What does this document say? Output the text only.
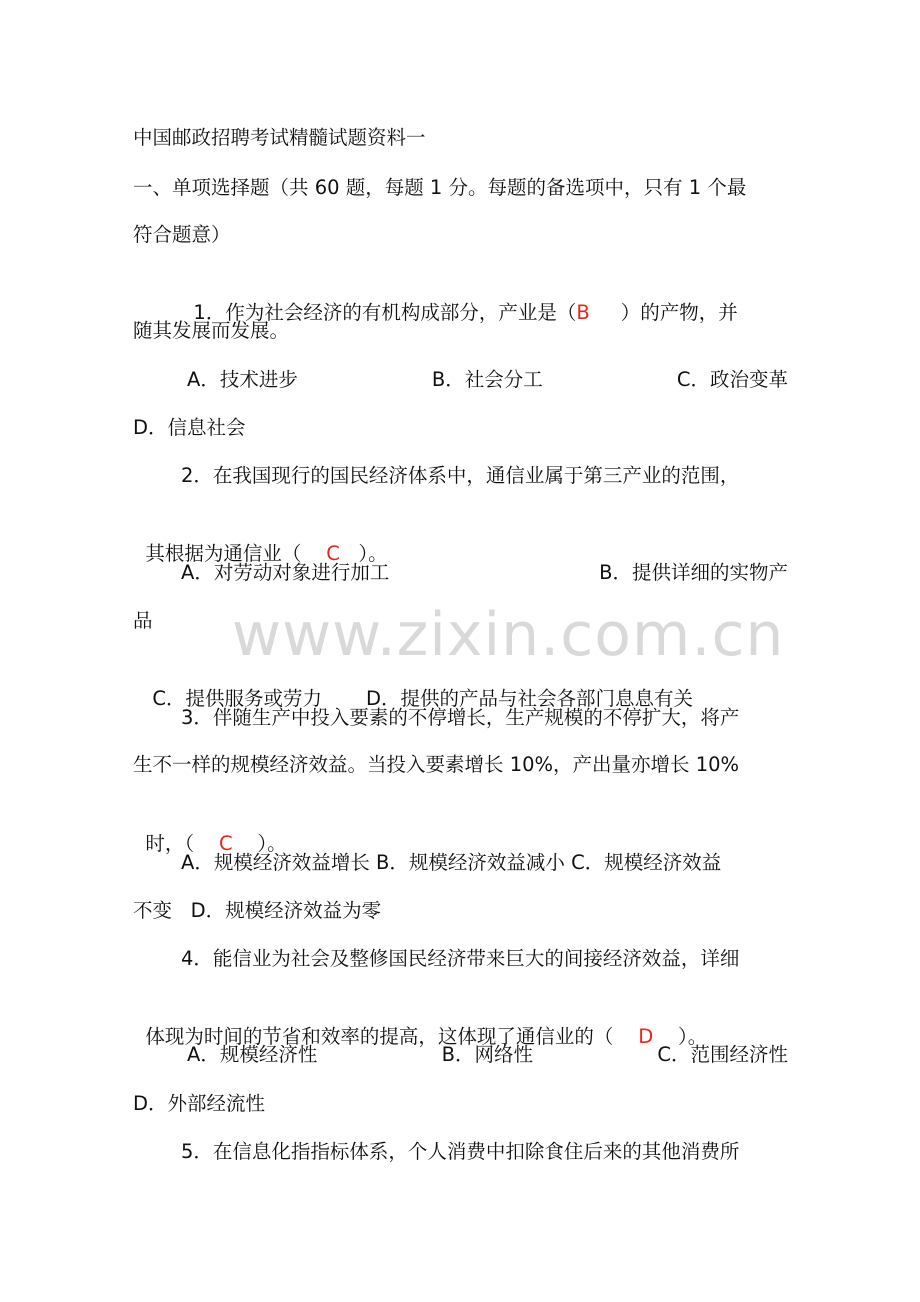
www.zixin.com.cn
中国邮政招聘考试精髓试题资料一
一、单项选择题（共 60 题，每题 1 分。每题的备选项中，只有 1 个最
符合题意）

1．作为社会经济的有机构成部分，产业是（B     ）的产物，并

随其发展而发展。
A．技术进步	B．社会分工	C．政治变革
D．信息社会
2．在我国现行的国民经济体系中，通信业属于第三产业的范围，

其根据为通信业（    C   ）。

A．对劳动对象进行加工	B．提供详细的实物产
品

C．提供服务或劳力 D．提供的产品与社会各部门息息有关

3．伴随生产中投入要素的不停增长，生产规模的不停扩大，将产
生不一样的规模经济效益。当投入要素增长 10%，产出量亦增长 10%

时，（    C    ）。

A．规模经济效益增长 B．规模经济效益减小 C．规模经济效益
不变   D．规模经济效益为零
4．能信业为社会及整修国民经济带来巨大的间接经济效益，详细

体现为时间的节省和效率的提高，这体现了通信业的（    D    ）。

A．规模经济性	B．网络性	C．范围经济性
D．外部经流性
5．在信息化指指标体系，个人消费中扣除食住后来的其他消费所
